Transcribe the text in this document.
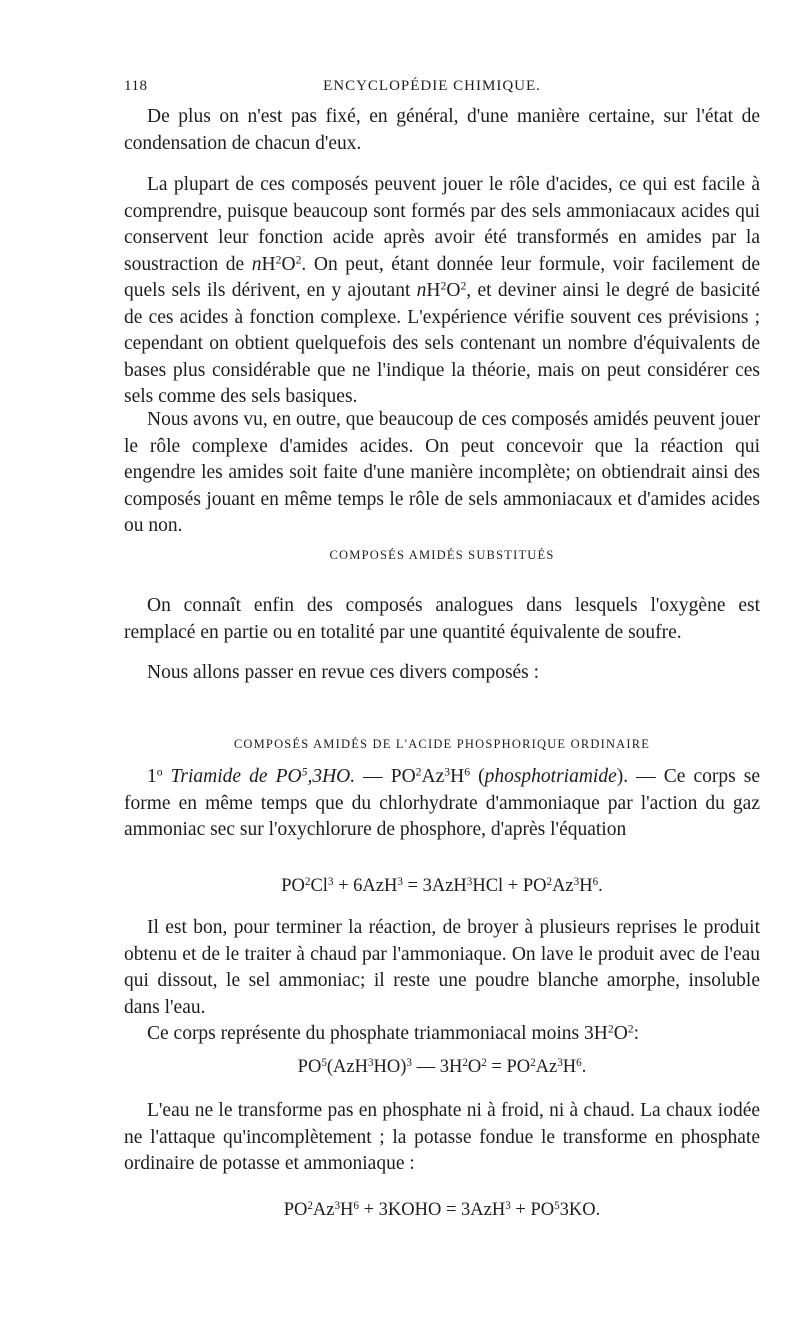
118	ENCYCLOPÉDIE CHIMIQUE.

De plus on n'est pas fixé, en général, d'une manière certaine, sur l'état de condensation de chacun d'eux.

La plupart de ces composés peuvent jouer le rôle d'acides, ce qui est facile à comprendre, puisque beaucoup sont formés par des sels ammoniacaux acides qui conservent leur fonction acide après avoir été transformés en amides par la soustraction de $nH^2O^2$. On peut, étant donnée leur formule, voir facilement de quels sels ils dérivent, en y ajoutant $nH^2O^2$, et deviner ainsi le degré de basicité de ces acides à fonction complexe. L'expérience vérifie souvent ces prévisions ; cependant on obtient quelquefois des sels contenant un nombre d'équivalents de bases plus considérable que ne l'indique la théorie, mais on peut considérer ces sels comme des sels basiques.

Nous avons vu, en outre, que beaucoup de ces composés amidés peuvent jouer le rôle complexe d'amides acides. On peut concevoir que la réaction qui engendre les amides soit faite d'une manière incomplète; on obtiendrait ainsi des composés jouant en même temps le rôle de sels ammoniacaux et d'amides acides ou non.

COMPOSÉS AMIDÉS SUBSTITUÉS

On connaît enfin des composés analogues dans lesquels l'oxygène est remplacé en partie ou en totalité par une quantité équivalente de soufre.

Nous allons passer en revue ces divers composés :

COMPOSÉS AMIDÉS DE L'ACIDE PHOSPHORIQUE ORDINAIRE

1$^o$ Triamide de $PO^5,3HO$. — $PO^2Az^3H^6$ (phosphotriamide). — Ce corps se forme en même temps que du chlorhydrate d'ammoniaque par l'action du gaz ammoniac sec sur l'oxychlorure de phosphore, d'après l'équation

$PO^2Cl^3 + 6AzH^3 = 3AzH^3HCl + PO^2Az^3H^6$.

Il est bon, pour terminer la réaction, de broyer à plusieurs reprises le produit obtenu et de le traiter à chaud par l'ammoniaque. On lave le produit avec de l'eau qui dissout, le sel ammoniac; il reste une poudre blanche amorphe, insoluble dans l'eau.

Ce corps représente du phosphate triammoniacal moins $3H^2O^2$:

$PO^5(AzH^3HO)^3$ — $3H^2O^2 = PO^2Az^3H^6$.

L'eau ne le transforme pas en phosphate ni à froid, ni à chaud. La chaux iodée ne l'attaque qu'incomplètement ; la potasse fondue le transforme en phosphate ordinaire de potasse et ammoniaque :

$PO^2Az^3H^6$ + 3KOHO = $3AzH^3 + PO^53KO$.
